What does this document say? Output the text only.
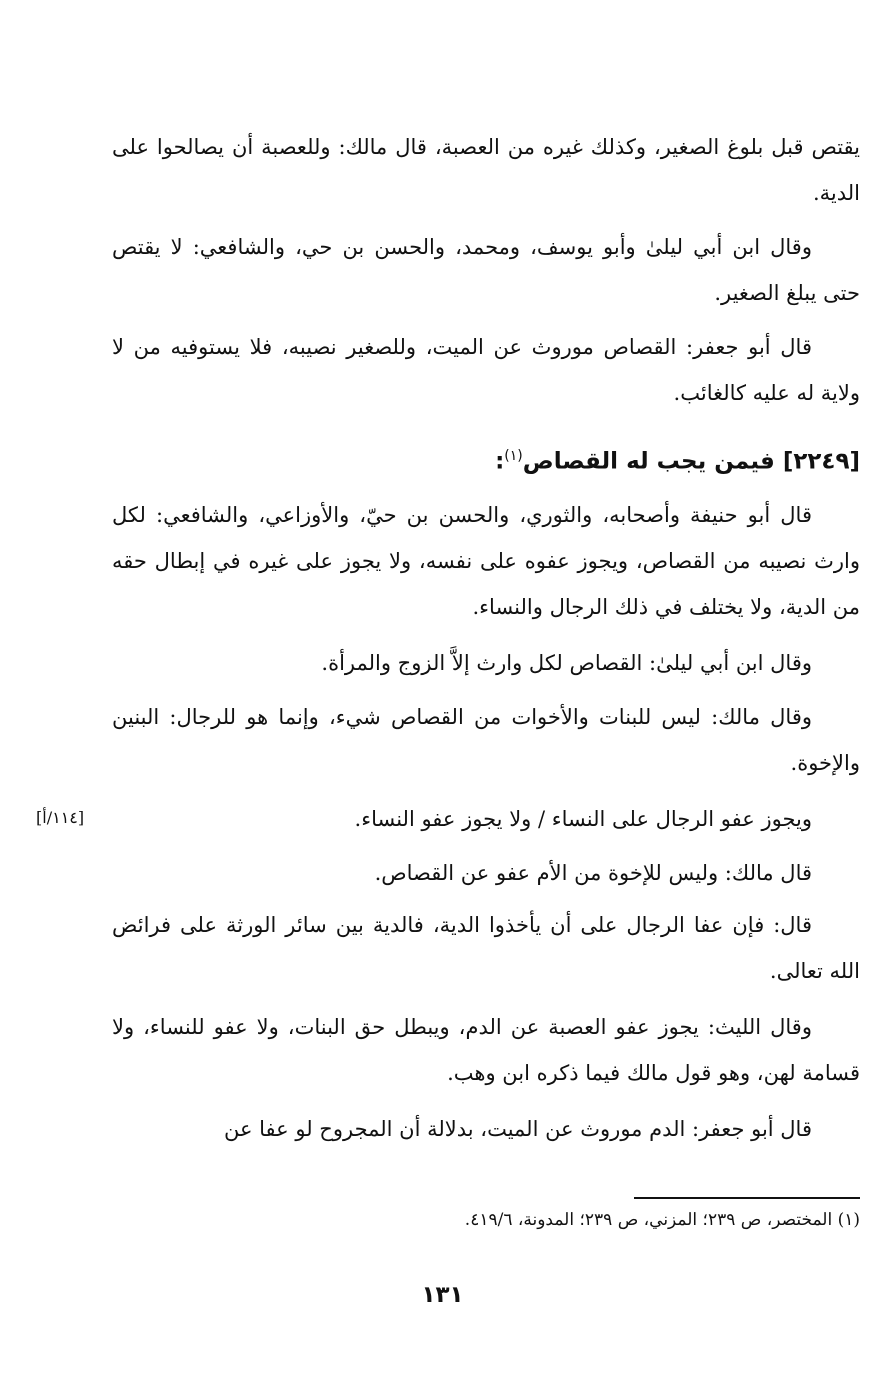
يقتص قبل بلوغ الصغير، وكذلك غيره من العصبة، قال مالك: وللعصبة أن يصالحوا على الدية.

وقال ابن أبي ليلىٰ وأبو يوسف، ومحمد، والحسن بن حي، والشافعي: لا يقتص حتى يبلغ الصغير.

قال أبو جعفر: القصاص موروث عن الميت، وللصغير نصيبه، فلا يستوفيه من لا ولاية له عليه كالغائب.

[٢٢٤٩] فيمن يجب له القصاص$^{(١)}$:

قال أبو حنيفة وأصحابه، والثوري، والحسن بن حيّ، والأوزاعي، والشافعي: لكل وارث نصيبه من القصاص، ويجوز عفوه على نفسه، ولا يجوز على غيره في إبطال حقه من الدية، ولا يختلف في ذلك الرجال والنساء.

وقال ابن أبي ليلىٰ: القصاص لكل وارث إلاَّ الزوج والمرأة.

وقال مالك: ليس للبنات والأخوات من القصاص شيء، وإنما هو للرجال: البنين والإخوة.

ويجوز عفو الرجال على النساء / ولا يجوز عفو النساء.

[١١٤/أ]

قال مالك: وليس للإخوة من الأم عفو عن القصاص.

قال: فإن عفا الرجال على أن يأخذوا الدية، فالدية بين سائر الورثة على فرائض الله تعالى.

وقال الليث: يجوز عفو العصبة عن الدم، ويبطل حق البنات، ولا عفو للنساء، ولا قسامة لهن، وهو قول مالك فيما ذكره ابن وهب.

قال أبو جعفر: الدم موروث عن الميت، بدلالة أن المجروح لو عفا عن

(١) المختصر، ص ٢٣٩؛ المزني، ص ٢٣٩؛ المدونة، ٤١٩/٦.

١٣١
